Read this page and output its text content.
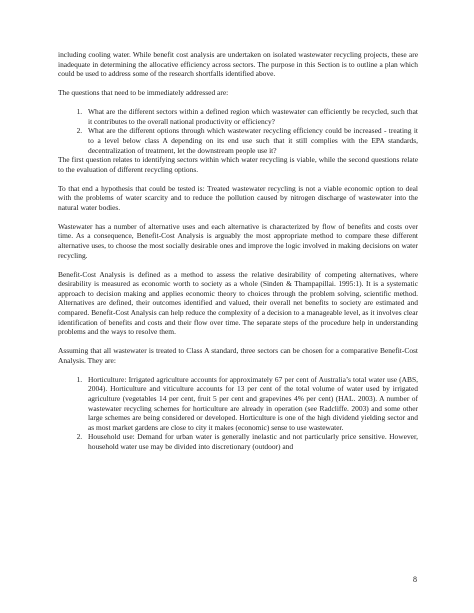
including cooling water. While benefit cost analysis are undertaken on isolated wastewater recycling projects, these are inadequate in determining the allocative efficiency across sectors. The purpose in this Section is to outline a plan which could be used to address some of the research shortfalls identified above.

The questions that need to be immediately addressed are:

1. What are the different sectors within a defined region which wastewater can efficiently be recycled, such that it contributes to the overall national productivity or efficiency?
2. What are the different options through which wastewater recycling efficiency could be increased - treating it to a level below class A depending on its end use such that it still complies with the EPA standards, decentralization of treatment, let the downstream people use it?

The first question relates to identifying sectors within which water recycling is viable, while the second questions relate to the evaluation of different recycling options.

To that end a hypothesis that could be tested is: Treated wastewater recycling is not a viable economic option to deal with the problems of water scarcity and to reduce the pollution caused by nitrogen discharge of wastewater into the natural water bodies.

Wastewater has a number of alternative uses and each alternative is characterized by flow of benefits and costs over time. As a consequence, Benefit-Cost Analysis is arguably the most appropriate method to compare these different alternative uses, to choose the most socially desirable ones and improve the logic involved in making decisions on water recycling.

Benefit-Cost Analysis is defined as a method to assess the relative desirability of competing alternatives, where desirability is measured as economic worth to society as a whole (Sinden & Thampapillai. 1995:1). It is a systematic approach to decision making and applies economic theory to choices through the problem solving, scientific method. Alternatives are defined, their outcomes identified and valued, their overall net benefits to society are estimated and compared. Benefit-Cost Analysis can help reduce the complexity of a decision to a manageable level, as it involves clear identification of benefits and costs and their flow over time. The separate steps of the procedure help in understanding problems and the ways to resolve them.

Assuming that all wastewater is treated to Class A standard, three sectors can be chosen for a comparative Benefit-Cost Analysis. They are:

1. Horticulture: Irrigated agriculture accounts for approximately 67 per cent of Australia’s total water use (ABS, 2004). Horticulture and viticulture accounts for 13 per cent of the total volume of water used by irrigated agriculture (vegetables 14 per cent, fruit 5 per cent and grapevines 4% per cent) (HAL. 2003). A number of wastewater recycling schemes for horticulture are already in operation (see Radcliffe. 2003) and some other large schemes are being considered or developed. Horticulture is one of the high dividend yielding sector and as most market gardens are close to city it makes (economic) sense to use wastewater.
2. Household use: Demand for urban water is generally inelastic and not particularly price sensitive. However, household water use may be divided into discretionary (outdoor) and
8
